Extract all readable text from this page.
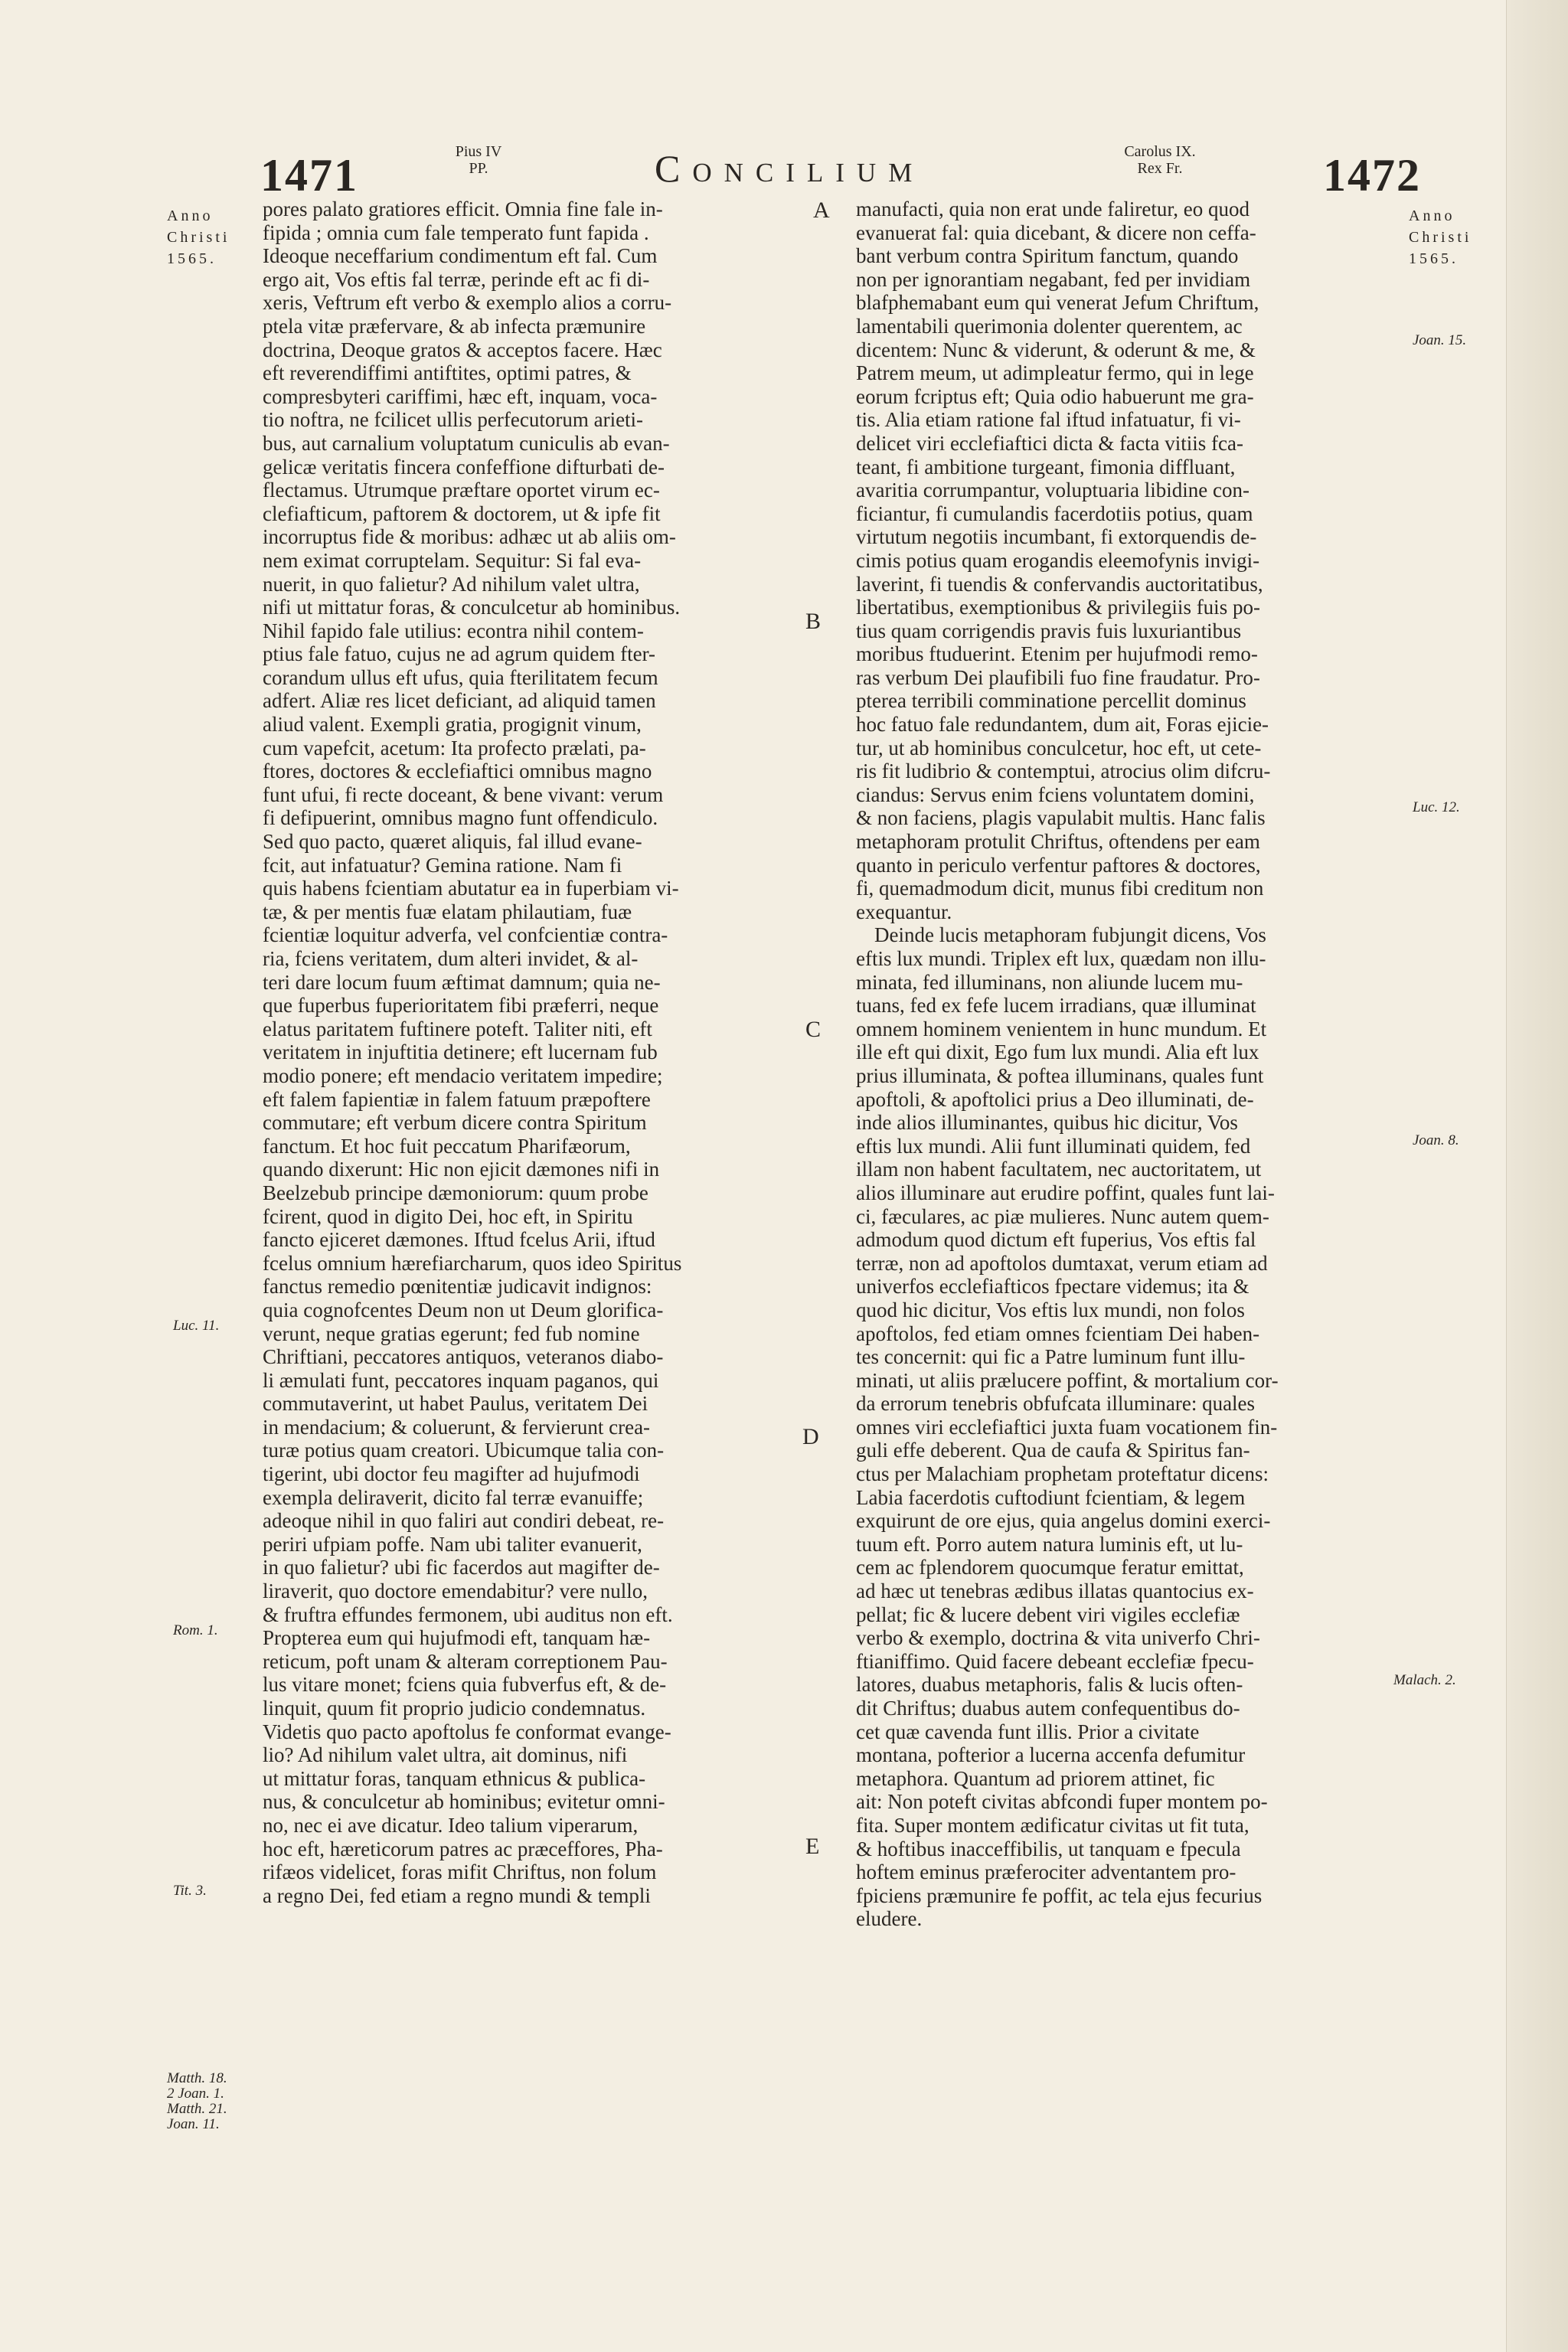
1471	Pius IV
PP.	Concilium	Carolus IX.
Rex Fr.	1472
Anno
Christi
1565.
Anno
Christi
1565.
Joan. 15.
Luc. 12.
Luc. 11.
Rom. 1.
Joan. 8.
Malach. 2.
Tit. 3.
Matth. 18.
2 Joan. 1.
Matth. 21.
Joan. 11.
A
B
C
D
E
pores palato gratiores efficit. Omnia fine fale in-
fipida ; omnia cum fale temperato funt fapida .
Ideoque neceffarium condimentum eft fal. Cum
ergo ait, Vos eftis fal terræ, perinde eft ac fi di-
xeris, Veftrum eft verbo & exemplo alios a corru-
ptela vitæ præfervare, & ab infecta præmunire
doctrina, Deoque gratos & acceptos facere. Hæc
eft reverendiffimi antiftites, optimi patres, &
compresbyteri cariffimi, hæc eft, inquam, voca-
tio noftra, ne fcilicet ullis perfecutorum arieti-
bus, aut carnalium voluptatum cuniculis ab evan-
gelicæ veritatis fincera confeffione difturbati de-
flectamus. Utrumque præftare oportet virum ec-
clefiafticum, paftorem & doctorem, ut & ipfe fit
incorruptus fide & moribus: adhæc ut ab aliis om-
nem eximat corruptelam. Sequitur: Si fal eva-
nuerit, in quo falietur? Ad nihilum valet ultra,
nifi ut mittatur foras, & conculcetur ab hominibus.
Nihil fapido fale utilius: econtra nihil contem-
ptius fale fatuo, cujus ne ad agrum quidem fter-
corandum ullus eft ufus, quia fterilitatem fecum
adfert. Aliæ res licet deficiant, ad aliquid tamen
aliud valent. Exempli gratia, progignit vinum,
cum vapefcit, acetum: Ita profecto prælati, pa-
ftores, doctores & ecclefiaftici omnibus magno
funt ufui, fi recte doceant, & bene vivant: verum
fi defipuerint, omnibus magno funt offendiculo.
Sed quo pacto, quæret aliquis, fal illud evane-
fcit, aut infatuatur? Gemina ratione. Nam fi
quis habens fcientiam abutatur ea in fuperbiam vi-
tæ, & per mentis fuæ elatam philautiam, fuæ
fcientiæ loquitur adverfa, vel confcientiæ contra-
ria, fciens veritatem, dum alteri invidet, & al-
teri dare locum fuum æftimat damnum; quia ne-
que fuperbus fuperioritatem fibi præferri, neque
elatus paritatem fuftinere poteft. Taliter niti, eft
veritatem in injuftitia detinere; eft lucernam fub
modio ponere; eft mendacio veritatem impedire;
eft falem fapientiæ in falem fatuum præpoftere
commutare; eft verbum dicere contra Spiritum
fanctum. Et hoc fuit peccatum Pharifæorum,
quando dixerunt: Hic non ejicit dæmones nifi in
Beelzebub principe dæmoniorum: quum probe
fcirent, quod in digito Dei, hoc eft, in Spiritu
fancto ejiceret dæmones. Iftud fcelus Arii, iftud
fcelus omnium hærefiarcharum, quos ideo Spiritus
fanctus remedio pœnitentiæ judicavit indignos:
quia cognofcentes Deum non ut Deum glorifica-
verunt, neque gratias egerunt; fed fub nomine
Chriftiani, peccatores antiquos, veteranos diabo-
li æmulati funt, peccatores inquam paganos, qui
commutaverint, ut habet Paulus, veritatem Dei
in mendacium; & coluerunt, & fervierunt crea-
turæ potius quam creatori. Ubicumque talia con-
tigerint, ubi doctor feu magifter ad hujufmodi
exempla deliraverit, dicito fal terræ evanuiffe;
adeoque nihil in quo faliri aut condiri debeat, re-
periri ufpiam poffe. Nam ubi taliter evanuerit,
in quo falietur? ubi fic facerdos aut magifter de-
liraverit, quo doctore emendabitur? vere nullo,
& fruftra effundes fermonem, ubi auditus non eft.
Propterea eum qui hujufmodi eft, tanquam hæ-
reticum, poft unam & alteram correptionem Pau-
lus vitare monet; fciens quia fubverfus eft, & de-
linquit, quum fit proprio judicio condemnatus.
Videtis quo pacto apoftolus fe conformat evange-
lio? Ad nihilum valet ultra, ait dominus, nifi
ut mittatur foras, tanquam ethnicus & publica-
nus, & conculcetur ab hominibus; evitetur omni-
no, nec ei ave dicatur. Ideo talium viperarum,
hoc eft, hæreticorum patres ac præceffores, Pha-
rifæos videlicet, foras mifit Chriftus, non folum
a regno Dei, fed etiam a regno mundi & templi
manufacti, quia non erat unde faliretur, eo quod
evanuerat fal: quia dicebant, & dicere non ceffa-
bant verbum contra Spiritum fanctum, quando
non per ignorantiam negabant, fed per invidiam
blafphemabant eum qui venerat Jefum Chriftum,
lamentabili querimonia dolenter querentem, ac
dicentem: Nunc & viderunt, & oderunt & me, &
Patrem meum, ut adimpleatur fermo, qui in lege
eorum fcriptus eft; Quia odio habuerunt me gra-
tis. Alia etiam ratione fal iftud infatuatur, fi vi-
delicet viri ecclefiaftici dicta & facta vitiis fca-
teant, fi ambitione turgeant, fimonia diffluant,
avaritia corrumpantur, voluptuaria libidine con-
ficiantur, fi cumulandis facerdotiis potius, quam
virtutum negotiis incumbant, fi extorquendis de-
cimis potius quam erogandis eleemofynis invigi-
laverint, fi tuendis & confervandis auctoritatibus,
libertatibus, exemptionibus & privilegiis fuis po-
tius quam corrigendis pravis fuis luxuriantibus
moribus ftuduerint. Etenim per hujufmodi remo-
ras verbum Dei plaufibili fuo fine fraudatur. Pro-
pterea terribili comminatione percellit dominus
hoc fatuo fale redundantem, dum ait, Foras ejicie-
tur, ut ab hominibus conculcetur, hoc eft, ut cete-
ris fit ludibrio & contemptui, atrocius olim difcru-
ciandus: Servus enim fciens voluntatem domini,
& non faciens, plagis vapulabit multis. Hanc falis
metaphoram protulit Chriftus, oftendens per eam
quanto in periculo verfentur paftores & doctores,
fi, quemadmodum dicit, munus fibi creditum non
exequantur.
Deinde lucis metaphoram fubjungit dicens, Vos
eftis lux mundi. Triplex eft lux, quædam non illu-
minata, fed illuminans, non aliunde lucem mu-
tuans, fed ex fefe lucem irradians, quæ illuminat
omnem hominem venientem in hunc mundum. Et
ille eft qui dixit, Ego fum lux mundi. Alia eft lux
prius illuminata, & poftea illuminans, quales funt
apoftoli, & apoftolici prius a Deo illuminati, de-
inde alios illuminantes, quibus hic dicitur, Vos
eftis lux mundi. Alii funt illuminati quidem, fed
illam non habent facultatem, nec auctoritatem, ut
alios illuminare aut erudire poffint, quales funt lai-
ci, fæculares, ac piæ mulieres. Nunc autem quem-
admodum quod dictum eft fuperius, Vos eftis fal
terræ, non ad apoftolos dumtaxat, verum etiam ad
univerfos ecclefiafticos fpectare videmus; ita &
quod hic dicitur, Vos eftis lux mundi, non folos
apoftolos, fed etiam omnes fcientiam Dei haben-
tes concernit: qui fic a Patre luminum funt illu-
minati, ut aliis prælucere poffint, & mortalium cor-
da errorum tenebris obfufcata illuminare: quales
omnes viri ecclefiaftici juxta fuam vocationem fin-
guli effe deberent. Qua de caufa & Spiritus fan-
ctus per Malachiam prophetam proteftatur dicens:
Labia facerdotis cuftodiunt fcientiam, & legem
exquirunt de ore ejus, quia angelus domini exerci-
tuum eft. Porro autem natura luminis eft, ut lu-
cem ac fplendorem quocumque feratur emittat,
ad hæc ut tenebras ædibus illatas quantocius ex-
pellat; fic & lucere debent viri vigiles ecclefiæ
verbo & exemplo, doctrina & vita univerfo Chri-
ftianiffimo. Quid facere debeant ecclefiæ fpecu-
latores, duabus metaphoris, falis & lucis often-
dit Chriftus; duabus autem confequentibus do-
cet quæ cavenda funt illis. Prior a civitate
montana, pofterior a lucerna accenfa defumitur
metaphora. Quantum ad priorem attinet, fic
ait: Non poteft civitas abfcondi fuper montem po-
fita. Super montem ædificatur civitas ut fit tuta,
& hoftibus inacceffibilis, ut tanquam e fpecula
hoftem eminus præferociter adventantem pro-
fpiciens præmunire fe poffit, ac tela ejus fecurius
eludere.
